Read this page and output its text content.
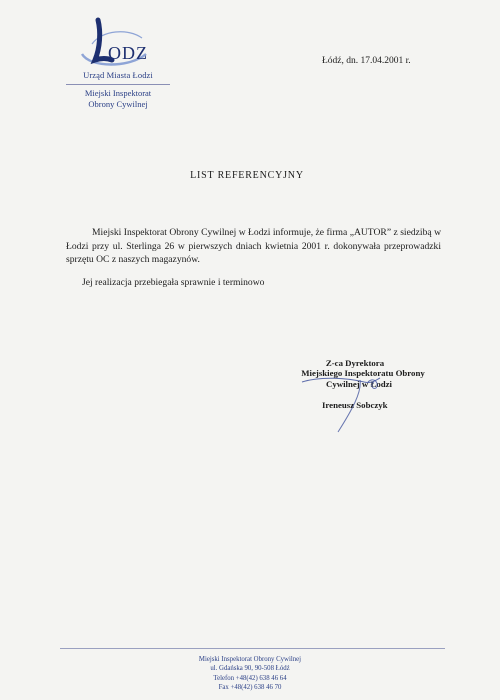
ODZ
Urząd Miasta Łodzi
Miejski Inspektorat
Obrony Cywilnej
Łódź, dn. 17.04.2001 r.
LIST REFERENCYJNY

Miejski Inspektorat Obrony Cywilnej w Łodzi informuje, że firma „AUTOR” z siedzibą w Łodzi przy ul. Sterlinga 26 w pierwszych dniach kwietnia 2001 r. dokonywała przeprowadzki sprzętu OC z naszych magazynów.

Jej realizacja przebiegała sprawnie i terminowo

Z-ca Dyrektora
Miejskiego Inspektoratu Obrony
Cywilnej w Łodzi
Ireneusz Sobczyk
Miejski Inspektorat Obrony Cywilnej
ul. Gdańska 90, 90-508 Łódź
Telefon +48(42) 638 46 64
Fax +48(42) 638 46 70
